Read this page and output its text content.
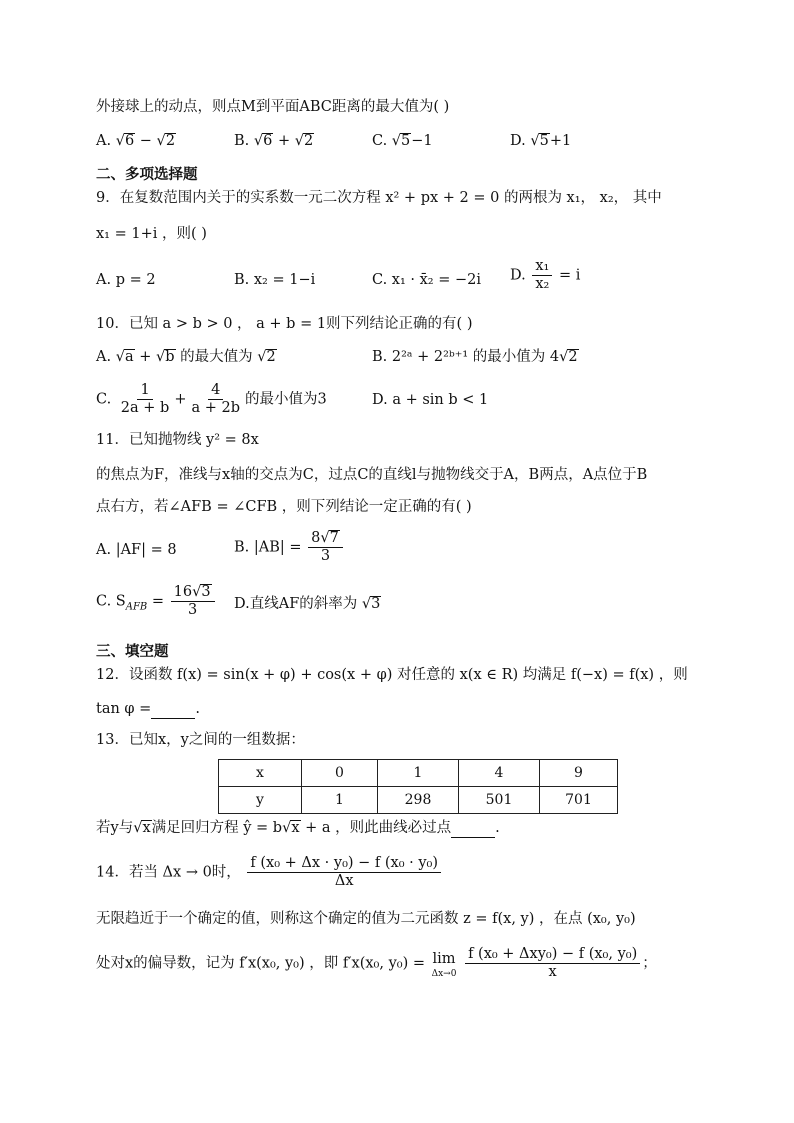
外接球上的动点，则点M到平面ABC距离的最大值为( )
A. √6 − √2	B. √6 + √2	C. √5−1	D. √5+1
二、多项选择题
9．在复数范围内关于的实系数一元二次方程 x² + px + 2 = 0 的两根为 x₁， x₂， 其中
x₁ = 1+i ，则( )
A. p = 2	B. x₂ = 1−i	C. x₁ · x̄₂ = −2i D. $\frac{\text{x₁}}{\text{x₂}} = i$
10．已知 a > b > 0 ， a + b = 1则下列结论正确的有( )
A. √a + √b 的最大值为 √2	B. 2²ᵃ + 2²ᵇ⁺¹ 的最小值为 4√2
C. $\frac{1}{2a + b} + \frac{4}{a + 2b}$ 的最小值为3	D. a + sin b < 1
11．已知抛物线 y² = 8x
的焦点为F，准线与x轴的交点为C，过点C的直线l与抛物线交于A，B两点，A点位于B
点右方，若∠AFB = ∠CFB ，则下列结论一定正确的有( )
A. |AF| = 8	B. $|AB| = \frac{8√7}{3}$
C. $S_{AFB} = \frac{16√3}{3} D$.直线AF的斜率为 √3
三、填空题
12．设函数 f(x) = sin(x + φ) + cos(x + φ) 对任意的 x(x ∈ R) 均满足 f(−x) = f(x) ，则
tan φ =	.
13．已知x，y之间的一组数据：
x	0	1	4	9
y	1	298	501	701
若y与√x满足回归方程 ŷ = b√x + a ，则此曲线必过点	.
14．若当 Δx → 0时， $\frac{\text{f (x₀ + Δx · y₀) − f (x₀ · y₀)}}{\Delta x}$
无限趋近于一个确定的值，则称这个确定的值为二元函数 z = f(x, y) ，在点 (x₀, y₀)
处对x的偏导数，记为 f′x(x₀, y₀) ，即 f′x(x₀, y₀) = lim
Δx→0

f (x₀ + Δxy₀) − f (x₀, y₀)
x
；
